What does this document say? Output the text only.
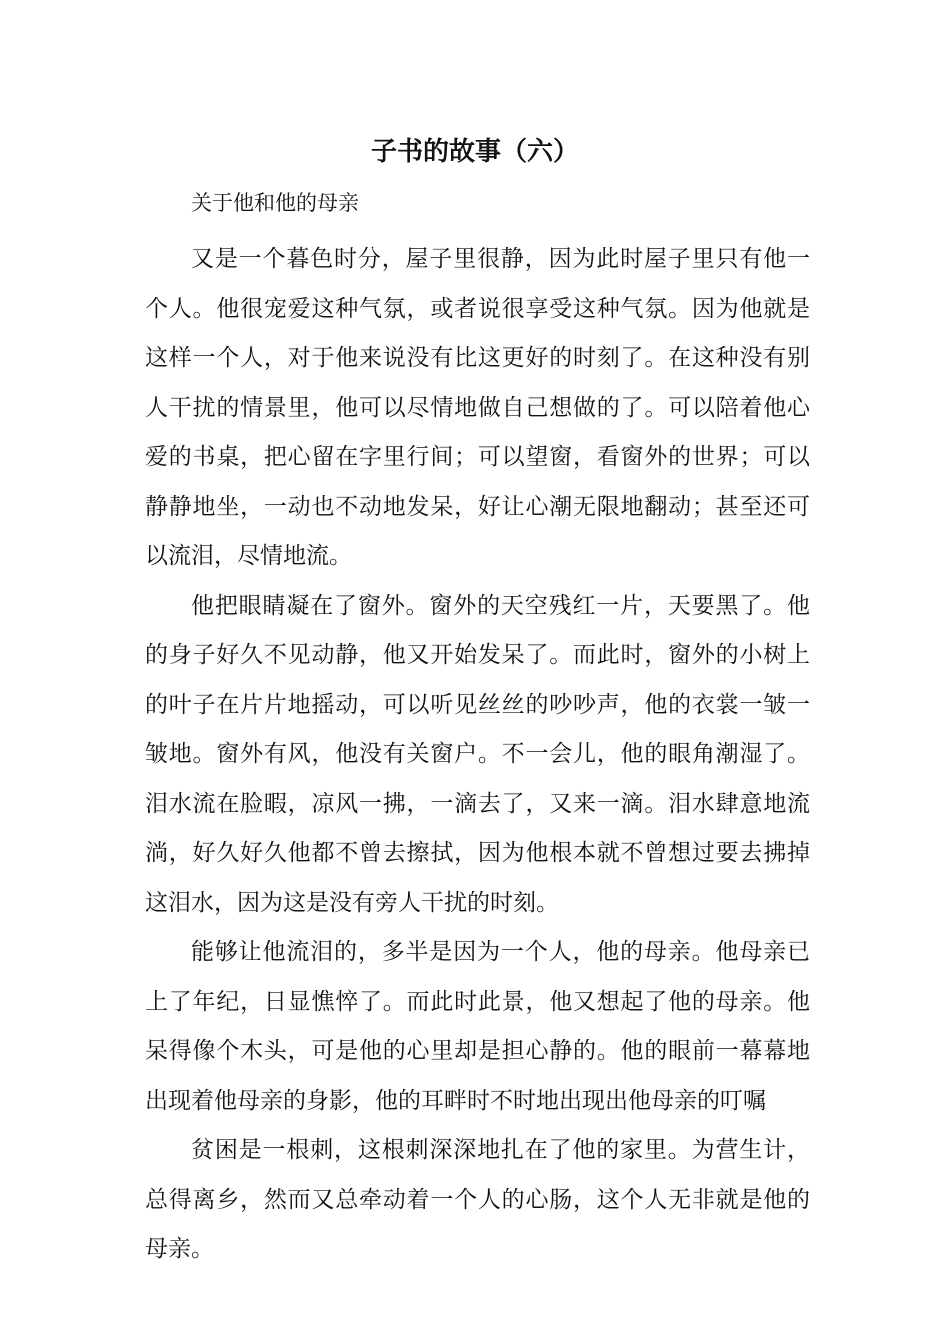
子书的故事（六）

关于他和他的母亲

又是一个暮色时分，屋子里很静，因为此时屋子里只有他一个人。他很宠爱这种气氛，或者说很享受这种气氛。因为他就是这样一个人，对于他来说没有比这更好的时刻了。在这种没有别人干扰的情景里，他可以尽情地做自己想做的了。可以陪着他心爱的书桌，把心留在字里行间；可以望窗，看窗外的世界；可以静静地坐，一动也不动地发呆，好让心潮无限地翻动；甚至还可以流泪，尽情地流。

他把眼睛凝在了窗外。窗外的天空残红一片，天要黑了。他的身子好久不见动静，他又开始发呆了。而此时，窗外的小树上的叶子在片片地摇动，可以听见丝丝的吵吵声，他的衣裳一皱一皱地。窗外有风，他没有关窗户。不一会儿，他的眼角潮湿了。泪水流在脸暇，凉风一拂，一滴去了，又来一滴。泪水肆意地流淌，好久好久他都不曾去擦拭，因为他根本就不曾想过要去拂掉这泪水，因为这是没有旁人干扰的时刻。

能够让他流泪的，多半是因为一个人，他的母亲。他母亲已上了年纪，日显憔悴了。而此时此景，他又想起了他的母亲。他呆得像个木头，可是他的心里却是担心静的。他的眼前一幕幕地出现着他母亲的身影，他的耳畔时不时地出现出他母亲的叮嘱

贫困是一根刺，这根刺深深地扎在了他的家里。为营生计，总得离乡，然而又总牵动着一个人的心肠，这个人无非就是他的母亲。
